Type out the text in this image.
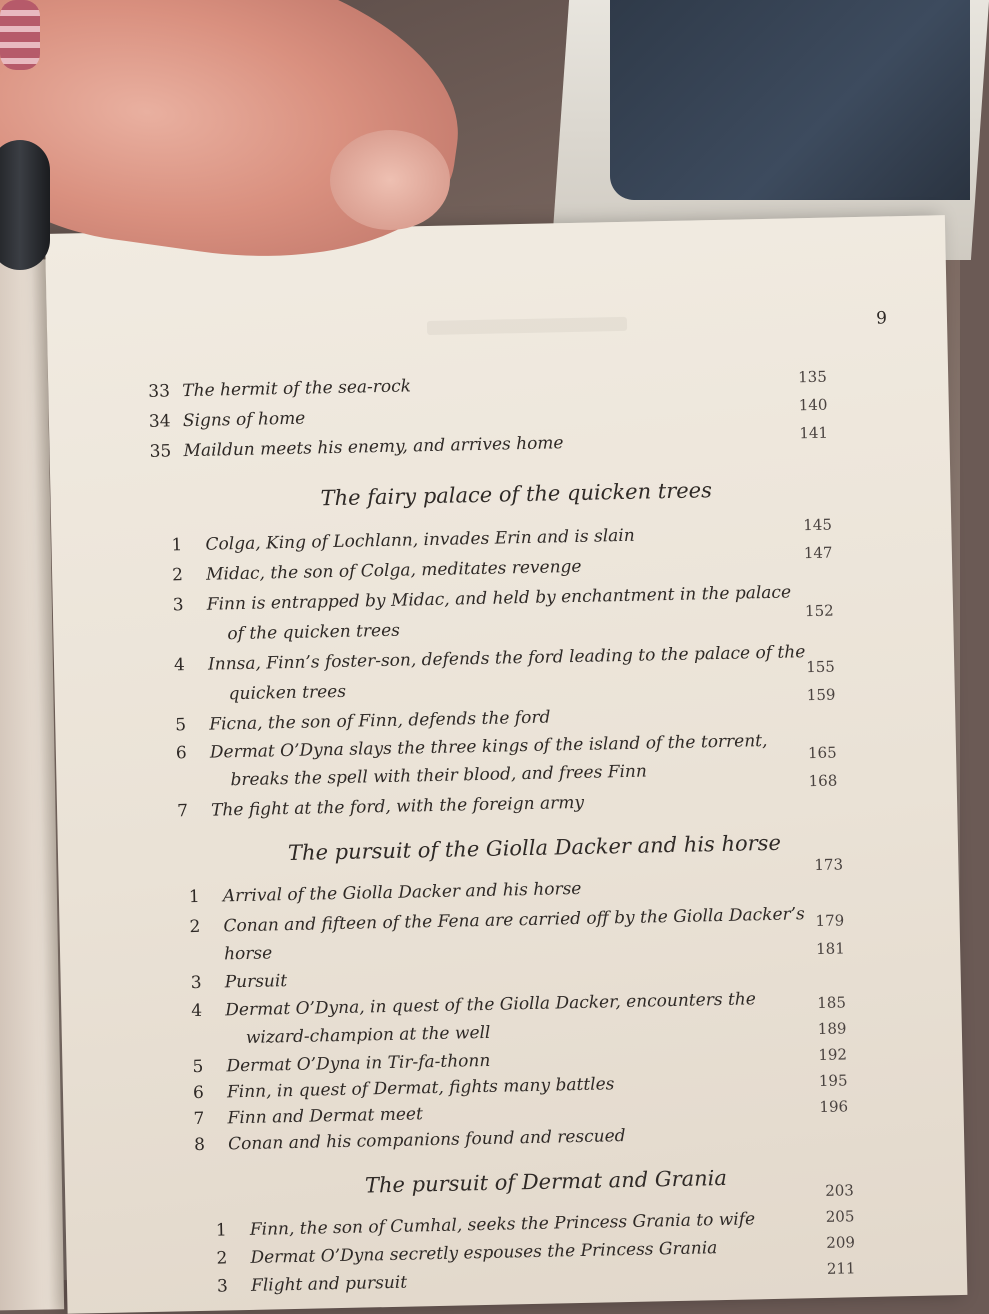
9
33 The hermit of the sea-rock	135
34 Signs of home
140
35 Maildun meets his enemy, and arrives home
141
The fairy palace of the quicken trees
1 Colga, King of Lochlann, invades Erin and is slain
145
2 Midac, the son of Colga, meditates revenge
147
3 Finn is entrapped by Midac, and held by enchantment in the palace
of the quicken trees
152
4 Innsa, Finn’s foster-son, defends the ford leading to the palace of the
quicken trees
155
5 Ficna, the son of Finn, defends the ford
159
6 Dermat O’Dyna slays the three kings of the island of the torrent,
breaks the spell with their blood, and frees Finn
165
7 The fight at the ford, with the foreign army
168
The pursuit of the Giolla Dacker and his horse
1 Arrival of the Giolla Dacker and his horse
173
2 Conan and fifteen of the Fena are carried off by the Giolla Dacker’s
horse
179
3 Pursuit
181
4 Dermat O’Dyna, in quest of the Giolla Dacker, encounters the
wizard-champion at the well
185
5 Dermat O’Dyna in Tir-fa-thonn
189
6 Finn, in quest of Dermat, fights many battles
192
7 Finn and Dermat meet
195
8 Conan and his companions found and rescued
196
The pursuit of Dermat and Grania
1 Finn, the son of Cumhal, seeks the Princess Grania to wife
203
2 Dermat O’Dyna secretly espouses the Princess Grania
205
3 Flight and pursuit
209
211
